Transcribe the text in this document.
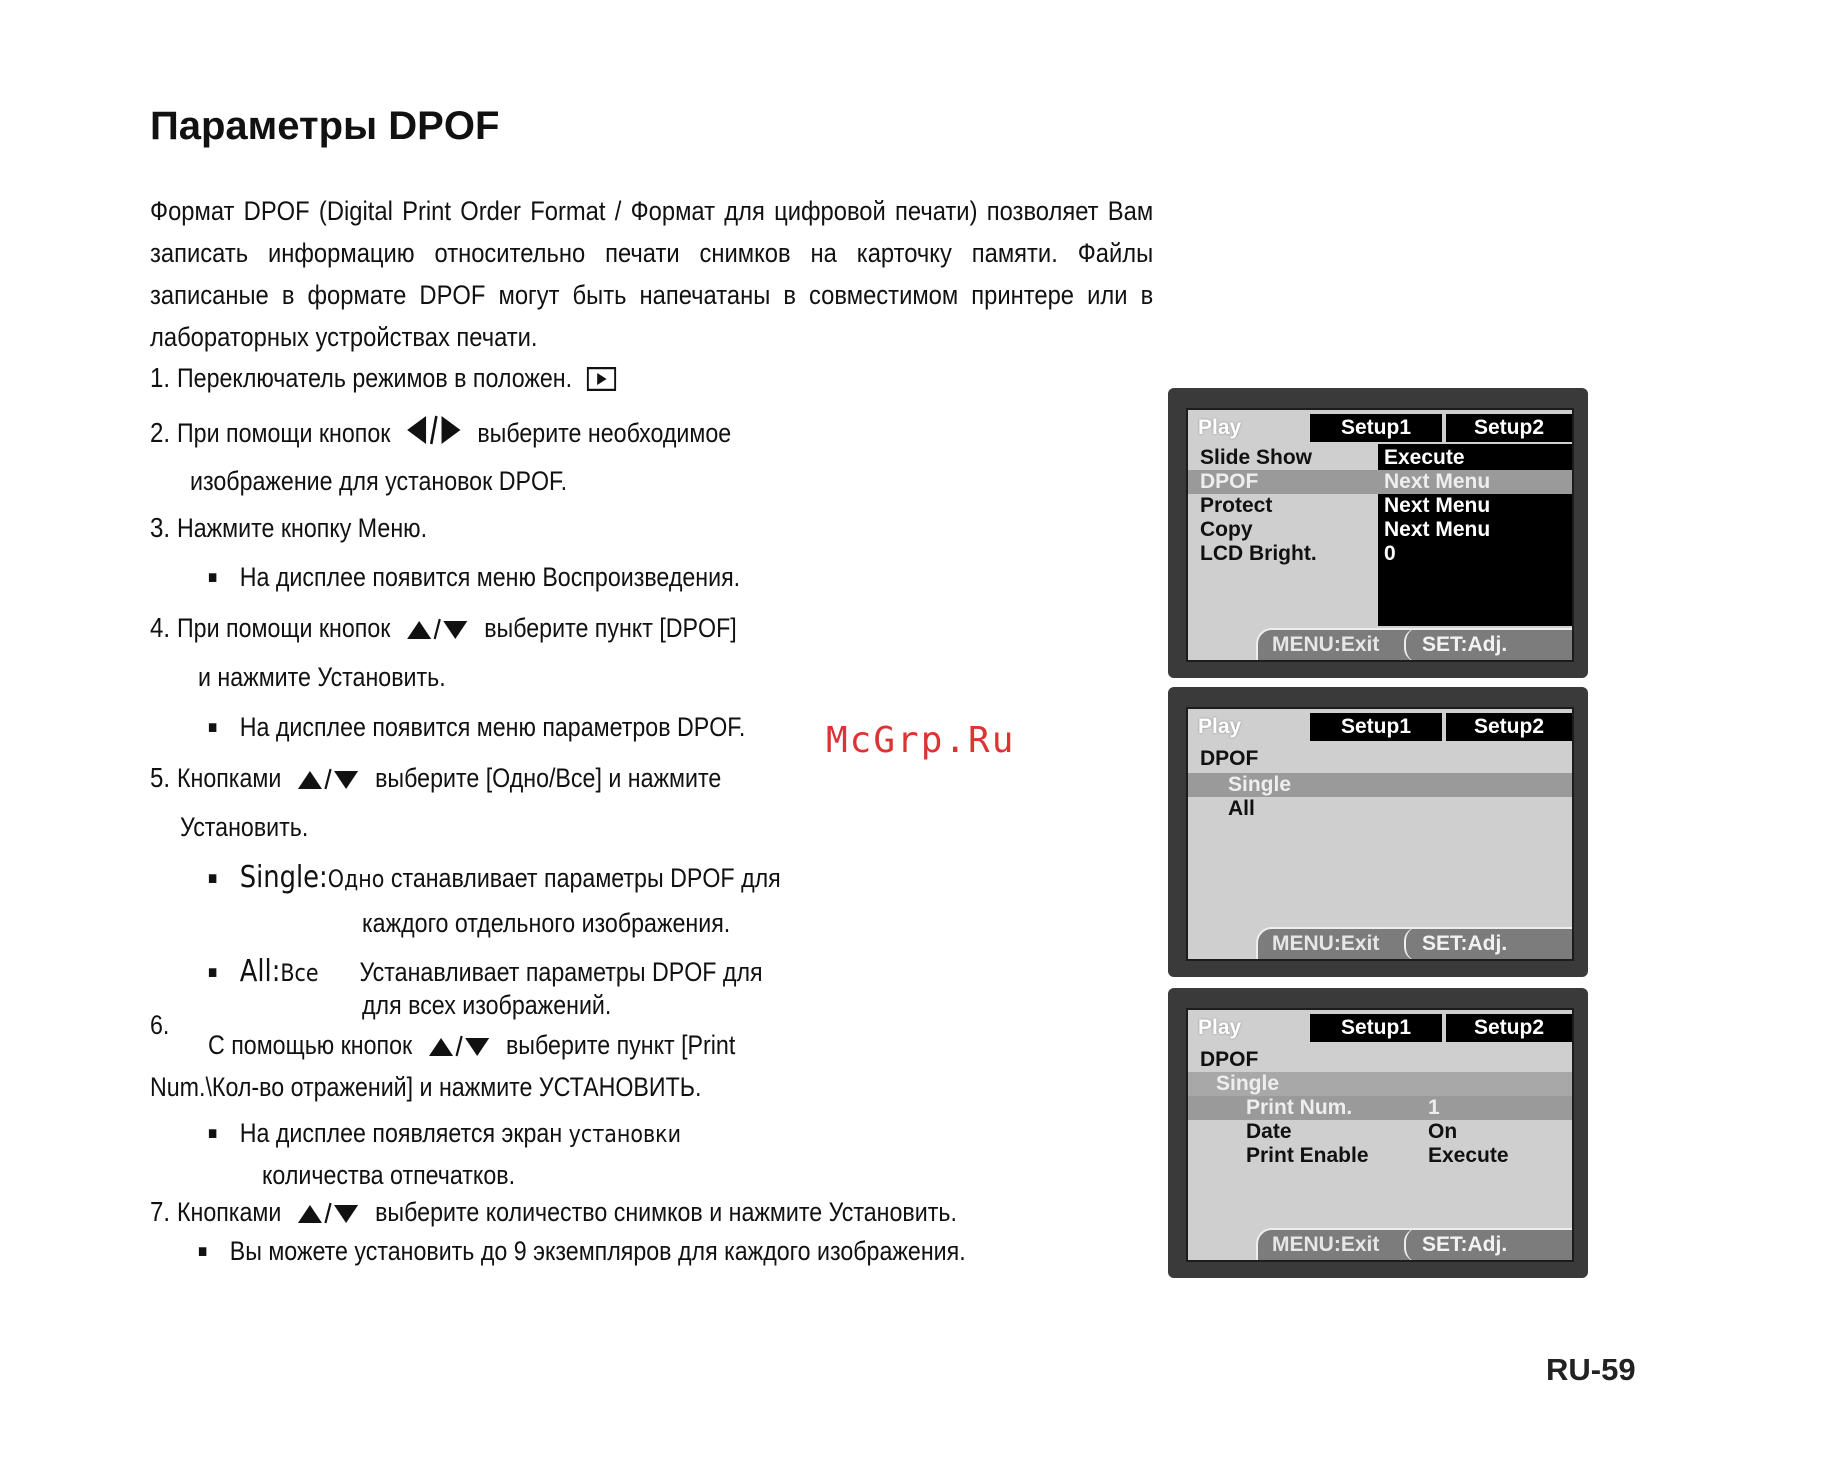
Параметры DPOF

Формат DPOF (Digital Print Order Format / Формат для цифровой печати) позволяет Вам записать информацию относительно печати снимков на карточку памяти. Файлы записаные в формате DPOF могут быть напечатаны в совместимом принтере или в лабораторных устройствах печати.

1. Переключатель режимов в положен.
2. При помощи кнопок	выберите необходимое
изображение для установок DPOF.
3. Нажмите кнопку Меню.
■ На дисплее появится меню Воспроизведения.
4. При помощи кнопок	выберите пункт [DPOF]
и нажмите Установить.
■ На дисплее появится меню параметров DPOF.
5. Кнопками	выберите [Одно/Все] и нажмите
Установить.
■ Single:Одно станавливает параметры DPOF для
каждого отдельного изображения.
■ All:Все Устанавливает параметры DPOF для
для всех изображений.
6.
С помощью кнопок	выберите пункт [Print
Num.\Кол-во отражений] и нажмите УСТАНОВИТЬ.
■ На дисплее появляется экран установки
количества отпечатков.
7. Кнопками	выберите количество снимков и нажмите Установить.
■ Вы можете установить до 9 экземпляров для каждого изображения.
McGrp.Ru
Play	Setup1	Setup2
Slide Show	Execute
DPOF	Next Menu
Protect	Next Menu
Copy	Next Menu
LCD Bright.	0
MENU:Exit SET:Adj.
Play	Setup1	Setup2
DPOF
Single
All
MENU:Exit SET:Adj.
Play	Setup1	Setup2
DPOF
Single
Print Num.	1
Date	On
Print Enable	Execute
MENU:Exit SET:Adj.
RU-59
